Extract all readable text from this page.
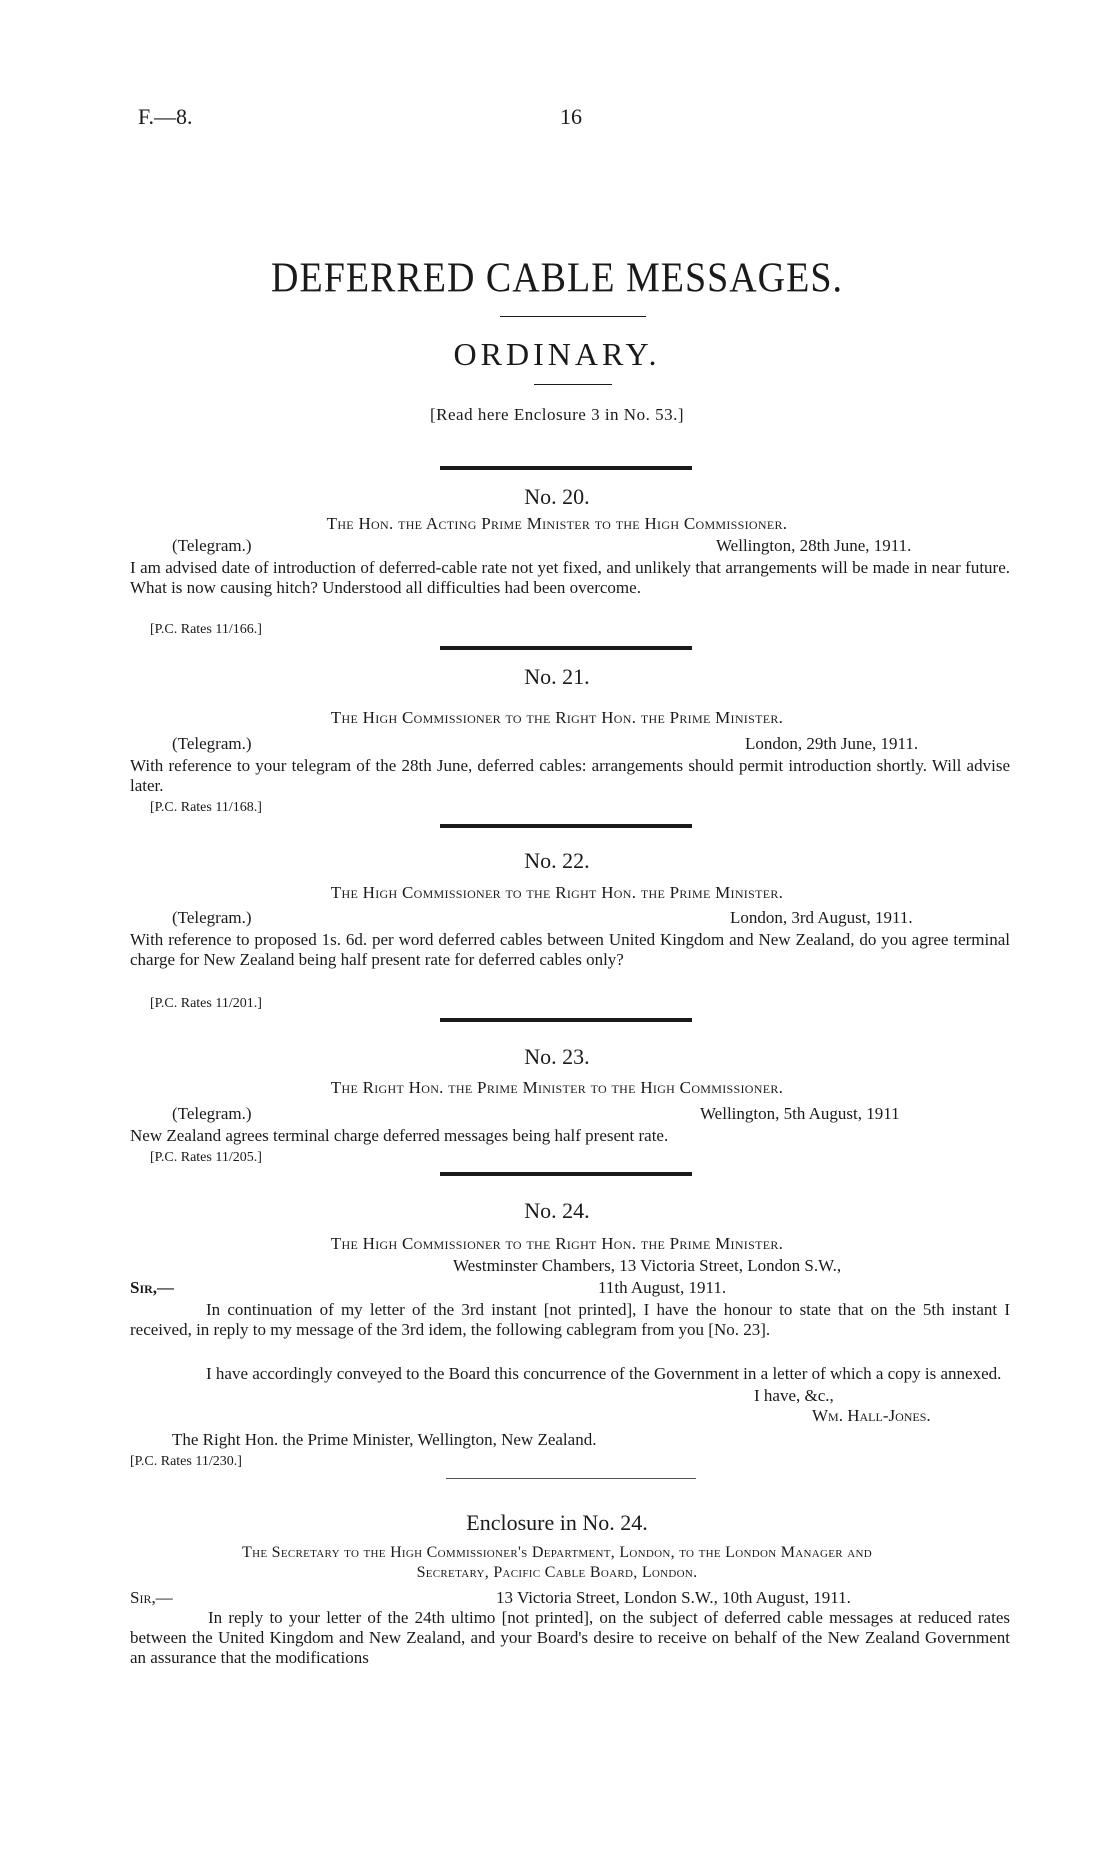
F.—8.	16
DEFERRED CABLE MESSAGES.
ORDINARY.
[Read here Enclosure 3 in No. 53.]
No. 20.
The Hon. the Acting Prime Minister to the High Commissioner.
(Telegram.)	Wellington, 28th June, 1911.
I am advised date of introduction of deferred-cable rate not yet fixed, and unlikely that arrangements will be made in near future. What is now causing hitch? Understood all difficulties had been overcome.
[P.C. Rates 11/166.]
No. 21.
The High Commissioner to the Right Hon. the Prime Minister.
(Telegram.)	London, 29th June, 1911.
With reference to your telegram of the 28th June, deferred cables: arrangements should permit introduction shortly. Will advise later.
[P.C. Rates 11/168.]
No. 22.
The High Commissioner to the Right Hon. the Prime Minister.
(Telegram.)	London, 3rd August, 1911.
With reference to proposed 1s. 6d. per word deferred cables between United Kingdom and New Zealand, do you agree terminal charge for New Zealand being half present rate for deferred cables only?
[P.C. Rates 11/201.]
No. 23.
The Right Hon. the Prime Minister to the High Commissioner.
(Telegram.)	Wellington, 5th August, 1911
New Zealand agrees terminal charge deferred messages being half present rate.
[P.C. Rates 11/205.]
No. 24.
The High Commissioner to the Right Hon. the Prime Minister.
Westminster Chambers, 13 Victoria Street, London S.W.,
Sir,—	11th August, 1911.
In continuation of my letter of the 3rd instant [not printed], I have the honour to state that on the 5th instant I received, in reply to my message of the 3rd idem, the following cablegram from you [No. 23].
I have accordingly conveyed to the Board this concurrence of the Government in a letter of which a copy is annexed.
I have, &c.,
Wm. Hall-Jones.
The Right Hon. the Prime Minister, Wellington, New Zealand.
[P.C. Rates 11/230.]
Enclosure in No. 24.
The Secretary to the High Commissioner's Department, London, to the London Manager and
Secretary, Pacific Cable Board, London.
Sir,—	13 Victoria Street, London S.W., 10th August, 1911.
In reply to your letter of the 24th ultimo [not printed], on the subject of deferred cable messages at reduced rates between the United Kingdom and New Zealand, and your Board's desire to receive on behalf of the New Zealand Government an assurance that the modifications
